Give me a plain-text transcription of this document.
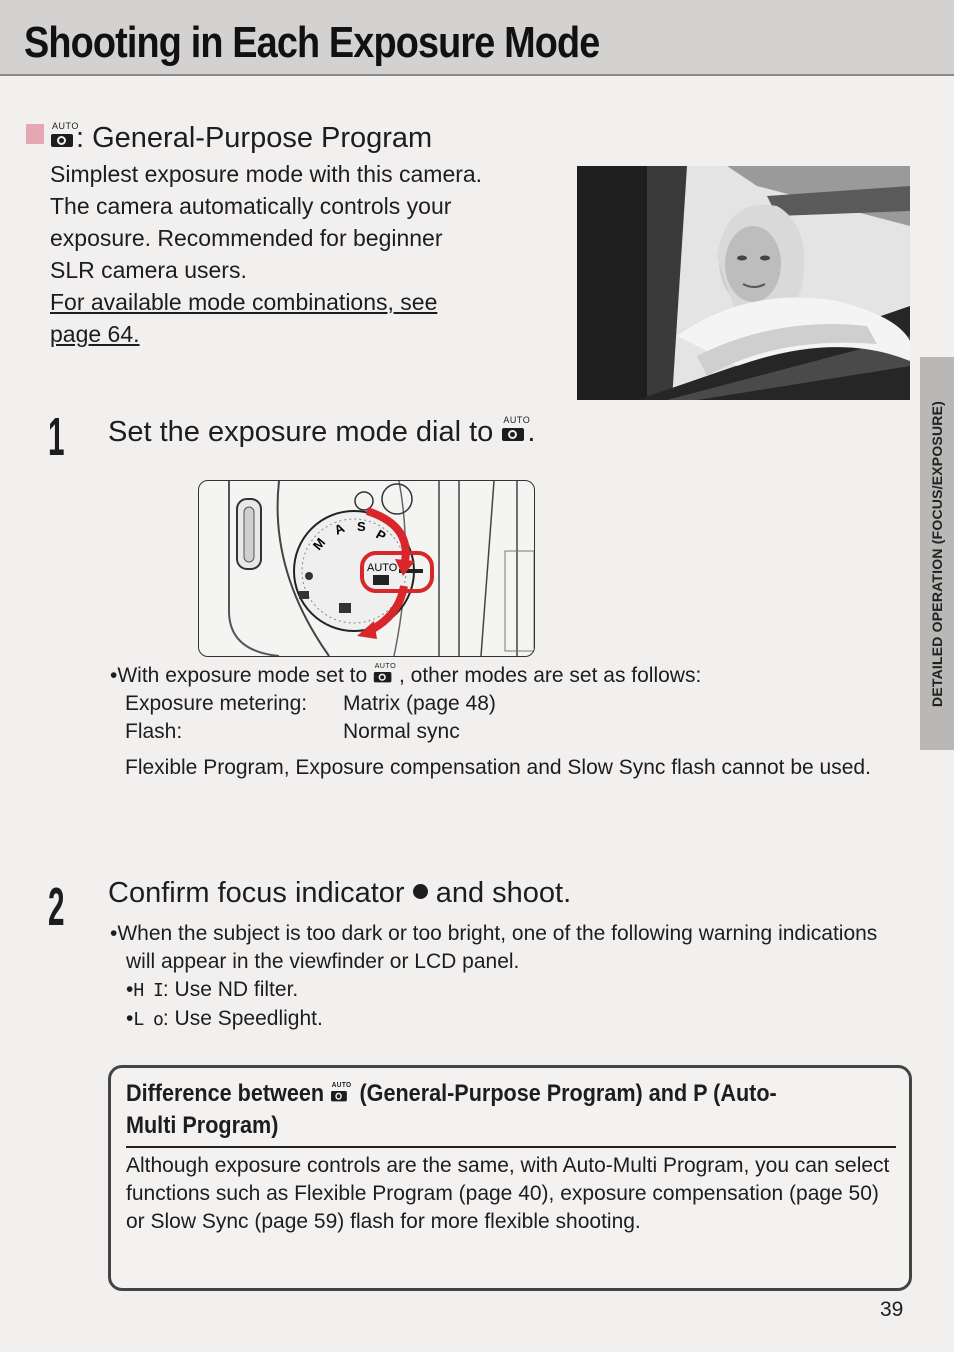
Shooting in Each Exposure Mode
AUTO
: General-Purpose Program

Simplest exposure mode with this camera.

The camera automatically controls your

exposure. Recommended for beginner

SLR camera users.

For available mode combinations, see

page 64.

DETAILED OPERATION (FOCUS/EXPOSURE)
1 Set the exposure mode dial to AUTO
.
M
A S
P
AUTO

• With exposure mode set to AUTO , other modes are set as follows:

Exposure metering:	Matrix (page 48)
Flash:	Normal sync

Flexible Program, Exposure compensation and Slow Sync flash cannot be used.

2 Confirm focus indicator and shoot.

• When the subject is too dark or too bright, one of the following warning indications will appear in the viewfinder or LCD panel.

• H I: Use ND filter.

• L o: Use Speedlight.

Difference between AUTO (General-Purpose Program) and P (Auto-Multi Program)
Although exposure controls are the same, with Auto-Multi Program, you can select functions such as Flexible Program (page 40), exposure compensation (page 50) or Slow Sync (page 59) flash for more flexible shooting.
39
